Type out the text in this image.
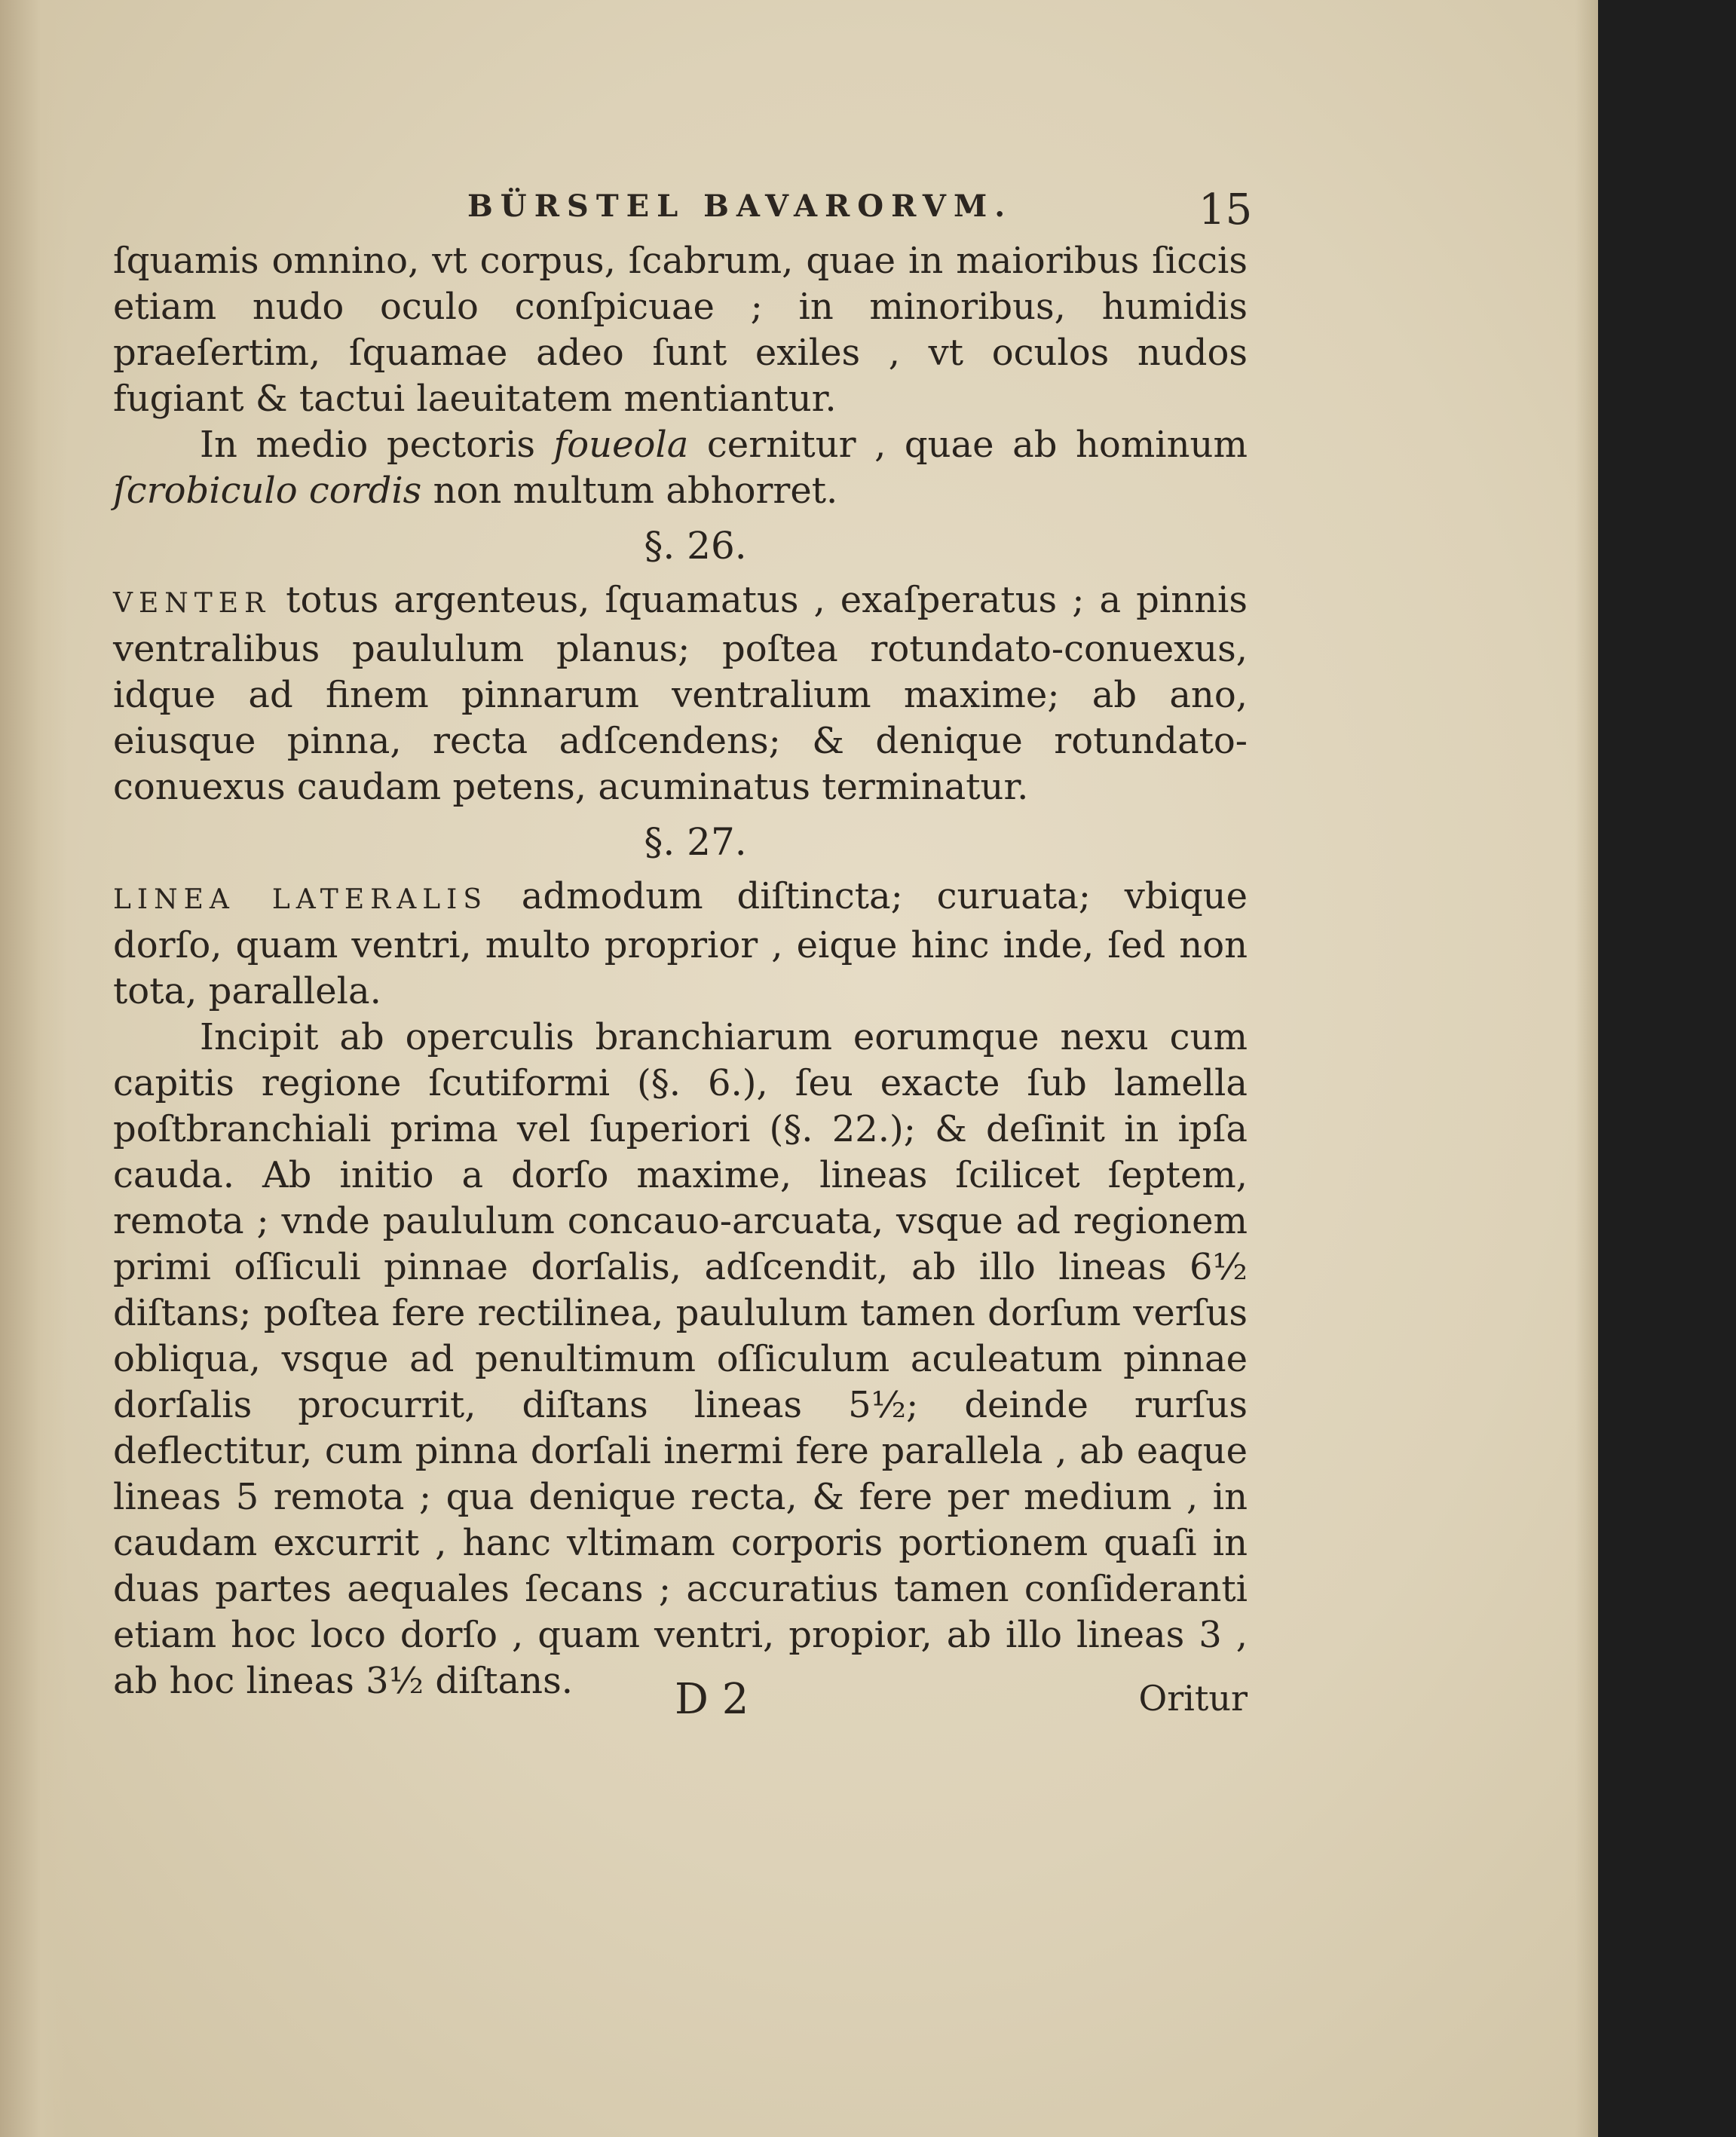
BÜRSTEL BAVARORVM.	15

ſquamis omnino, vt corpus, ſcabrum, quae in maioribus ſiccis etiam nudo oculo conſpicuae ; in minoribus, humidis praeſertim, ſquamae adeo ſunt exiles , vt oculos nudos fugiant & tactui laeuitatem mentiantur.

In medio pectoris foueola cernitur , quae ab hominum ſcrobiculo cordis non multum abhorret.

§. 26.

VENTER totus argenteus, ſquamatus , exaſperatus ; a pinnis ventralibus paululum planus; poſtea rotundato-conuexus, idque ad finem pinnarum ventralium maxime; ab ano, eiusque pinna, recta adſcendens; & denique rotundato-conuexus caudam petens, acuminatus terminatur.

§. 27.

LINEA LATERALIS admodum diſtincta; curuata; vbique dorſo, quam ventri, multo proprior , eique hinc inde, ſed non tota, parallela.

Incipit ab operculis branchiarum eorumque nexu cum capitis regione ſcutiformi (§. 6.), ſeu exacte ſub lamella poſtbranchiali prima vel ſuperiori (§. 22.); & deſinit in ipſa cauda. Ab initio a dorſo maxime, lineas ſcilicet ſeptem, remota ; vnde paululum concauo-arcuata, vsque ad regionem primi oſſiculi pinnae dorſalis, adſcendit, ab illo lineas 6½ diſtans; poſtea fere rectilinea, paululum tamen dorſum verſus obliqua, vsque ad penultimum oſſiculum aculeatum pinnae dorſalis procurrit, diſtans lineas 5½; deinde rurſus deflectitur, cum pinna dorſali inermi fere parallela , ab eaque lineas 5 remota ; qua denique recta, & fere per medium , in caudam excurrit , hanc vltimam corporis portionem quaſi in duas partes aequales ſecans ; accuratius tamen conſideranti etiam hoc loco dorſo , quam ventri, propior, ab illo lineas 3 , ab hoc lineas 3½ diſtans.	D 2	Oritur
